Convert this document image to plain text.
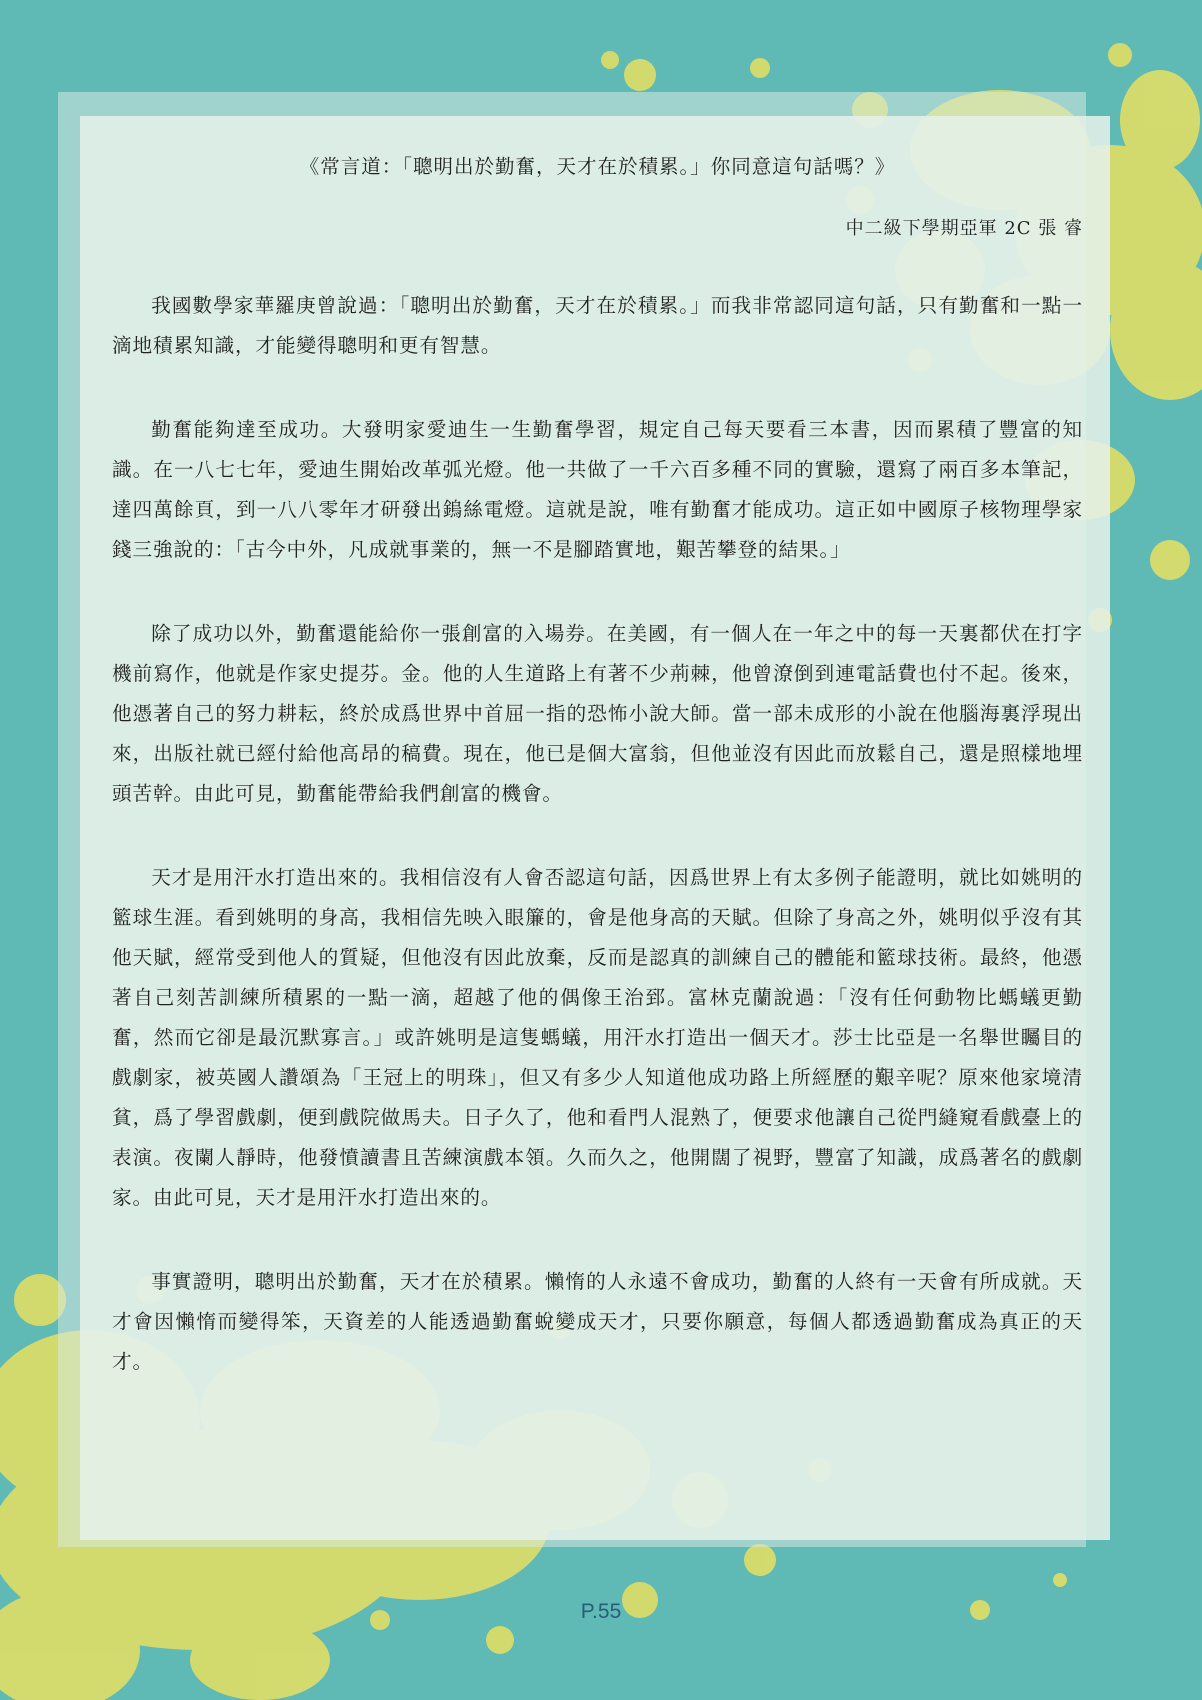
《常言道：「聰明出於勤奮，天才在於積累。」你同意這句話嗎？》

中二級下學期亞軍 2C 張 睿

我國數學家華羅庚曾說過：「聰明出於勤奮，天才在於積累。」而我非常認同這句話，只有勤奮和一點一滴地積累知識，才能變得聰明和更有智慧。

勤奮能夠達至成功。大發明家愛迪生一生勤奮學習，規定自己每天要看三本書，因而累積了豐富的知識。在一八七七年，愛迪生開始改革弧光燈。他一共做了一千六百多種不同的實驗，還寫了兩百多本筆記，達四萬餘頁，到一八八零年才研發出鎢絲電燈。這就是說，唯有勤奮才能成功。這正如中國原子核物理學家錢三強說的：「古今中外，凡成就事業的，無一不是腳踏實地，艱苦攀登的結果。」

除了成功以外，勤奮還能給你一張創富的入場券。在美國，有一個人在一年之中的每一天裏都伏在打字機前寫作，他就是作家史提芬。金。他的人生道路上有著不少荊棘，他曾潦倒到連電話費也付不起。後來，他憑著自己的努力耕耘，終於成爲世界中首屈一指的恐怖小說大師。當一部未成形的小說在他腦海裏浮現出來，出版社就已經付給他高昂的稿費。現在，他已是個大富翁，但他並沒有因此而放鬆自己，還是照樣地埋頭苦幹。由此可見，勤奮能帶給我們創富的機會。

天才是用汗水打造出來的。我相信沒有人會否認這句話，因爲世界上有太多例子能證明，就比如姚明的籃球生涯。看到姚明的身高，我相信先映入眼簾的，會是他身高的天賦。但除了身高之外，姚明似乎沒有其他天賦，經常受到他人的質疑，但他沒有因此放棄，反而是認真的訓練自己的體能和籃球技術。最終，他憑著自己刻苦訓練所積累的一點一滴，超越了他的偶像王治郅。富林克蘭說過：「沒有任何動物比螞蟻更勤奮，然而它卻是最沉默寡言。」或許姚明是這隻螞蟻，用汗水打造出一個天才。莎士比亞是一名舉世矚目的戲劇家，被英國人讚頌為「王冠上的明珠」，但又有多少人知道他成功路上所經歷的艱辛呢？原來他家境清貧，爲了學習戲劇，便到戲院做馬夫。日子久了，他和看門人混熟了，便要求他讓自己從門縫窺看戲臺上的表演。夜闌人靜時，他發憤讀書且苦練演戲本領。久而久之，他開闊了視野，豐富了知識，成爲著名的戲劇家。由此可見，天才是用汗水打造出來的。

事實證明，聰明出於勤奮，天才在於積累。懶惰的人永遠不會成功，勤奮的人終有一天會有所成就。天才會因懶惰而變得笨，天資差的人能透過勤奮蛻變成天才，只要你願意，每個人都透過勤奮成為真正的天才。

P.55
